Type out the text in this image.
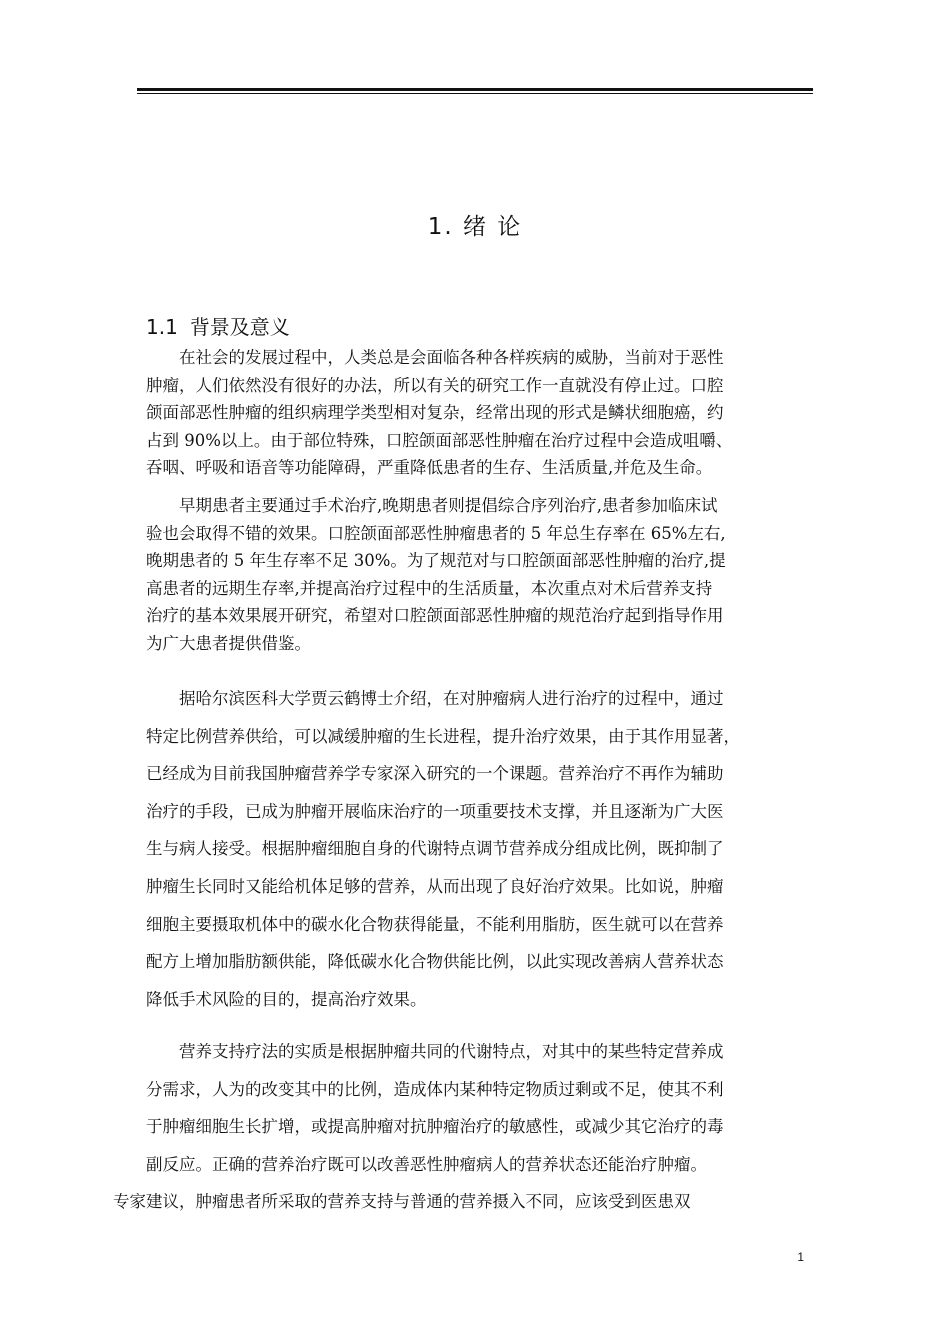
1. 绪 论
1.1 背景及意义
在社会的发展过程中，人类总是会面临各种各样疾病的威胁，当前对于恶性
肿瘤，人们依然没有很好的办法，所以有关的研究工作一直就没有停止过。口腔
颌面部恶性肿瘤的组织病理学类型相对复杂，经常出现的形式是鳞状细胞癌，约
占到 90%以上。由于部位特殊，口腔颌面部恶性肿瘤在治疗过程中会造成咀嚼、
吞咽、呼吸和语音等功能障碍，严重降低患者的生存、生活质量,并危及生命。
早期患者主要通过手术治疗,晚期患者则提倡综合序列治疗,患者参加临床试
验也会取得不错的效果。口腔颌面部恶性肿瘤患者的 5 年总生存率在 65%左右,
晚期患者的 5 年生存率不足 30%。为了规范对与口腔颌面部恶性肿瘤的治疗,提
高患者的远期生存率,并提高治疗过程中的生活质量，本次重点对术后营养支持
治疗的基本效果展开研究，希望对口腔颌面部恶性肿瘤的规范治疗起到指导作用
为广大患者提供借鉴。
据哈尔滨医科大学贾云鹤博士介绍，在对肿瘤病人进行治疗的过程中，通过
特定比例营养供给，可以减缓肿瘤的生长进程，提升治疗效果，由于其作用显著，
已经成为目前我国肿瘤营养学专家深入研究的一个课题。营养治疗不再作为辅助
治疗的手段，已成为肿瘤开展临床治疗的一项重要技术支撑，并且逐渐为广大医
生与病人接受。根据肿瘤细胞自身的代谢特点调节营养成分组成比例，既抑制了
肿瘤生长同时又能给机体足够的营养，从而出现了良好治疗效果。比如说，肿瘤
细胞主要摄取机体中的碳水化合物获得能量，不能利用脂肪，医生就可以在营养
配方上增加脂肪额供能，降低碳水化合物供能比例，以此实现改善病人营养状态
降低手术风险的目的，提高治疗效果。
营养支持疗法的实质是根据肿瘤共同的代谢特点，对其中的某些特定营养成
分需求，人为的改变其中的比例，造成体内某种特定物质过剩或不足，使其不利
于肿瘤细胞生长扩增，或提高肿瘤对抗肿瘤治疗的敏感性，或减少其它治疗的毒
副反应。正确的营养治疗既可以改善恶性肿瘤病人的营养状态还能治疗肿瘤。
专家建议，肿瘤患者所采取的营养支持与普通的营养摄入不同，应该受到医患双
1
